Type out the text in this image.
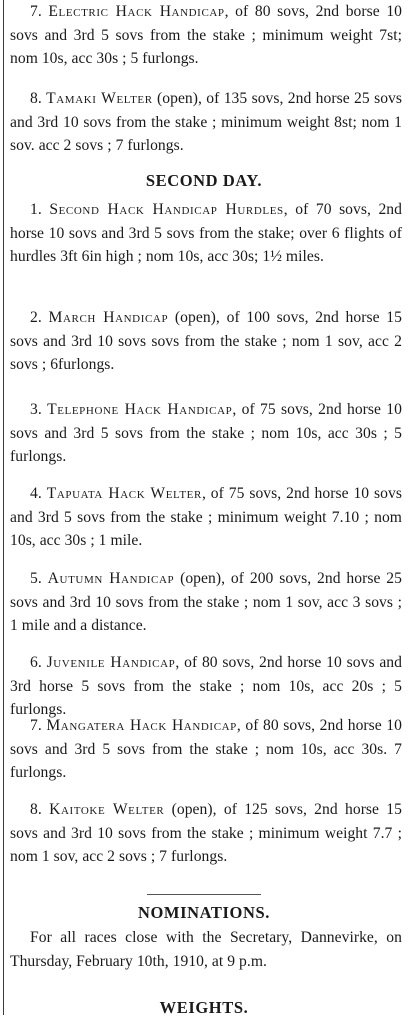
7. Electric Hack Handicap, of 80 sovs, 2nd borse 10 sovs and 3rd 5 sovs from the stake ; minimum weight 7st; nom 10s, acc 30s ; 5 furlongs.

8. Tamaki Welter (open), of 135 sovs, 2nd horse 25 sovs and 3rd 10 sovs from the stake ; minimum weight 8st; nom 1 sov. acc 2 sovs ; 7 furlongs.

SECOND DAY.

1. Second Hack Handicap Hurdles, of 70 sovs, 2nd horse 10 sovs and 3rd 5 sovs from the stake; over 6 flights of hurdles 3ft 6in high ; nom 10s, acc 30s; 1½ miles.

2. March Handicap (open), of 100 sovs, 2nd horse 15 sovs and 3rd 10 sovs sovs from the stake ; nom 1 sov, acc 2 sovs ; 6furlongs.

3. Telephone Hack Handicap, of 75 sovs, 2nd horse 10 sovs and 3rd 5 sovs from the stake ; nom 10s, acc 30s ; 5 furlongs.

4. Tapuata Hack Welter, of 75 sovs, 2nd horse 10 sovs and 3rd 5 sovs from the stake ; minimum weight 7.10 ; nom 10s, acc 30s ; 1 mile.

5. Autumn Handicap (open), of 200 sovs, 2nd horse 25 sovs and 3rd 10 sovs from the stake ; nom 1 sov, acc 3 sovs ; 1 mile and a distance.

6. Juvenile Handicap, of 80 sovs, 2nd horse 10 sovs and 3rd horse 5 sovs from the stake ; nom 10s, acc 20s ; 5 furlongs.

7. Mangatera Hack Handicap, of 80 sovs, 2nd horse 10 sovs and 3rd 5 sovs from the stake ; nom 10s, acc 30s. 7 furlongs.

8. Kaitoke Welter (open), of 125 sovs, 2nd horse 15 sovs and 3rd 10 sovs from the stake ; minimum weight 7.7 ; nom 1 sov, acc 2 sovs ; 7 furlongs.

NOMINATIONS.

For all races close with the Secretary, Dannevirke, on Thursday, February 10th, 1910, at 9 p.m.

WEIGHTS.
